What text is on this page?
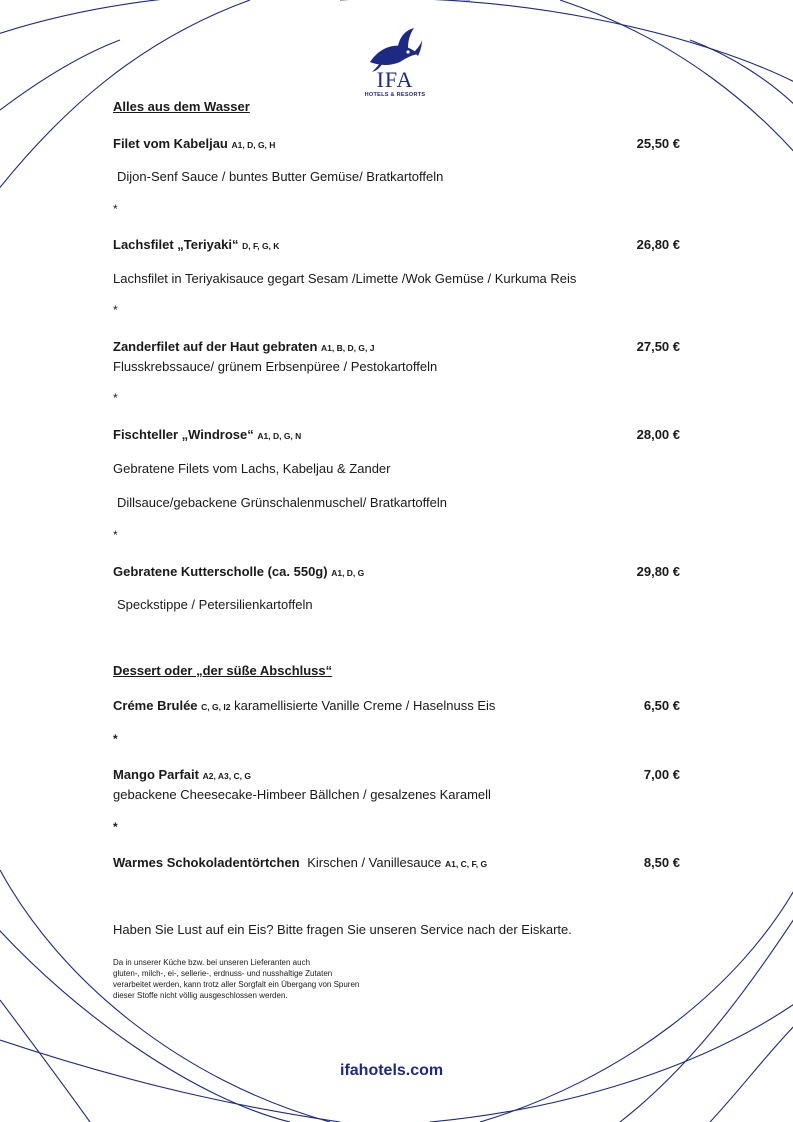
IFA
HOTELS & RESORTS
Alles aus dem Wasser
Filet vom Kabeljau A1, D, G, H	25,50 €
Dijon-Senf Sauce / buntes Butter Gemüse/ Bratkartoffeln
*
Lachsfilet „Teriyaki“ D, F, G, K	26,80 €
Lachsfilet in Teriyakisauce gegart Sesam /Limette /Wok Gemüse / Kurkuma Reis
*
Zanderfilet auf der Haut gebraten A1, B, D, G, J	27,50 €
Flusskrebssauce/ grünem Erbsenpüree / Pestokartoffeln
*
Fischteller „Windrose“ A1, D, G, N	28,00 €
Gebratene Filets vom Lachs, Kabeljau & Zander
Dillsauce/gebackene Grünschalenmuschel/ Bratkartoffeln
*
Gebratene Kutterscholle (ca. 550g) A1, D, G	29,80 €
Speckstippe / Petersilienkartoffeln
Dessert oder „der süße Abschluss“
Créme Brulée C, G, I2 karamellisierte Vanille Creme / Haselnuss Eis	6,50 €
*
Mango Parfait A2, A3, C, G	7,00 €
gebackene Cheesecake-Himbeer Bällchen / gesalzenes Karamell
*
Warmes Schokoladentörtchen Kirschen / Vanillesauce A1, C, F, G	8,50 €
Haben Sie Lust auf ein Eis? Bitte fragen Sie unseren Service nach der Eiskarte.
Da in unserer Küche bzw. bei unseren Lieferanten auch
gluten-, milch-, ei-, sellerie-, erdnuss- und nusshaltige Zutaten
verarbeitet werden, kann trotz aller Sorgfalt ein Übergang von Spuren
dieser Stoffe nicht völlig ausgeschlossen werden.
ifahotels.com
